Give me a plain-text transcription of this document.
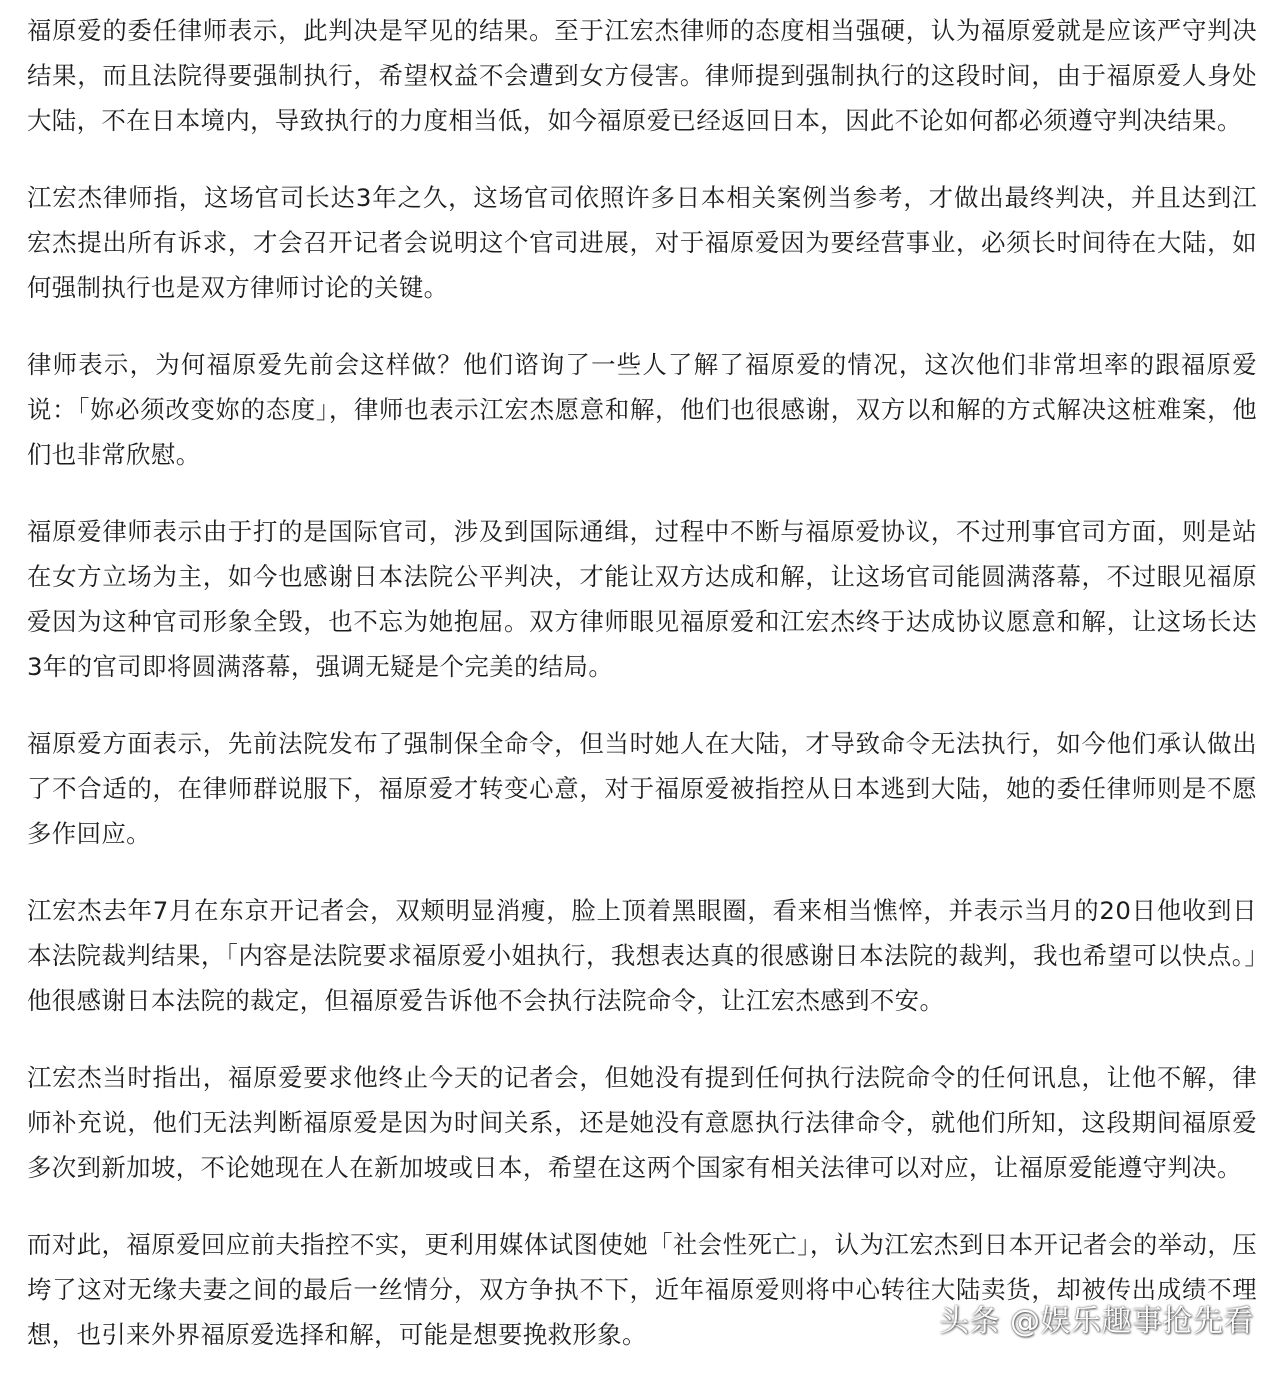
福原爱的委任律师表示，此判决是罕见的结果。至于江宏杰律师的态度相当强硬，认为福原爱就是应该严守判决结果，而且法院得要强制执行，希望权益不会遭到女方侵害。律师提到强制执行的这段时间，由于福原爱人身处大陆，不在日本境内，导致执行的力度相当低，如今福原爱已经返回日本，因此不论如何都必须遵守判决结果。

江宏杰律师指，这场官司长达3年之久，这场官司依照许多日本相关案例当参考，才做出最终判决，并且达到江宏杰提出所有诉求，才会召开记者会说明这个官司进展，对于福原爱因为要经营事业，必须长时间待在大陆，如何强制执行也是双方律师讨论的关键。

律师表示，为何福原爱先前会这样做？他们谘询了一些人了解了福原爱的情况，这次他们非常坦率的跟福原爱说：「妳必须改变妳的态度」，律师也表示江宏杰愿意和解，他们也很感谢，双方以和解的方式解决这桩难案，他们也非常欣慰。

福原爱律师表示由于打的是国际官司，涉及到国际通缉，过程中不断与福原爱协议，不过刑事官司方面，则是站在女方立场为主，如今也感谢日本法院公平判决，才能让双方达成和解，让这场官司能圆满落幕，不过眼见福原爱因为这种官司形象全毁，也不忘为她抱屈。双方律师眼见福原爱和江宏杰终于达成协议愿意和解，让这场长达3年的官司即将圆满落幕，强调无疑是个完美的结局。

福原爱方面表示，先前法院发布了强制保全命令，但当时她人在大陆，才导致命令无法执行，如今他们承认做出了不合适的，在律师群说服下，福原爱才转变心意，对于福原爱被指控从日本逃到大陆，她的委任律师则是不愿多作回应。

江宏杰去年7月在东京开记者会，双颊明显消瘦，脸上顶着黑眼圈，看来相当憔悴，并表示当月的20日他收到日本法院裁判结果，「内容是法院要求福原爱小姐执行，我想表达真的很感谢日本法院的裁判，我也希望可以快点。」他很感谢日本法院的裁定，但福原爱告诉他不会执行法院命令，让江宏杰感到不安。

江宏杰当时指出，福原爱要求他终止今天的记者会，但她没有提到任何执行法院命令的任何讯息，让他不解，律师补充说，他们无法判断福原爱是因为时间关系，还是她没有意愿执行法律命令，就他们所知，这段期间福原爱多次到新加坡，不论她现在人在新加坡或日本，希望在这两个国家有相关法律可以对应，让福原爱能遵守判决。

而对此，福原爱回应前夫指控不实，更利用媒体试图使她「社会性死亡」，认为江宏杰到日本开记者会的举动，压垮了这对无缘夫妻之间的最后一丝情分，双方争执不下，近年福原爱则将中心转往大陆卖货，却被传出成绩不理想，也引来外界福原爱选择和解，可能是想要挽救形象。	头条 @娱乐趣事抢先看
